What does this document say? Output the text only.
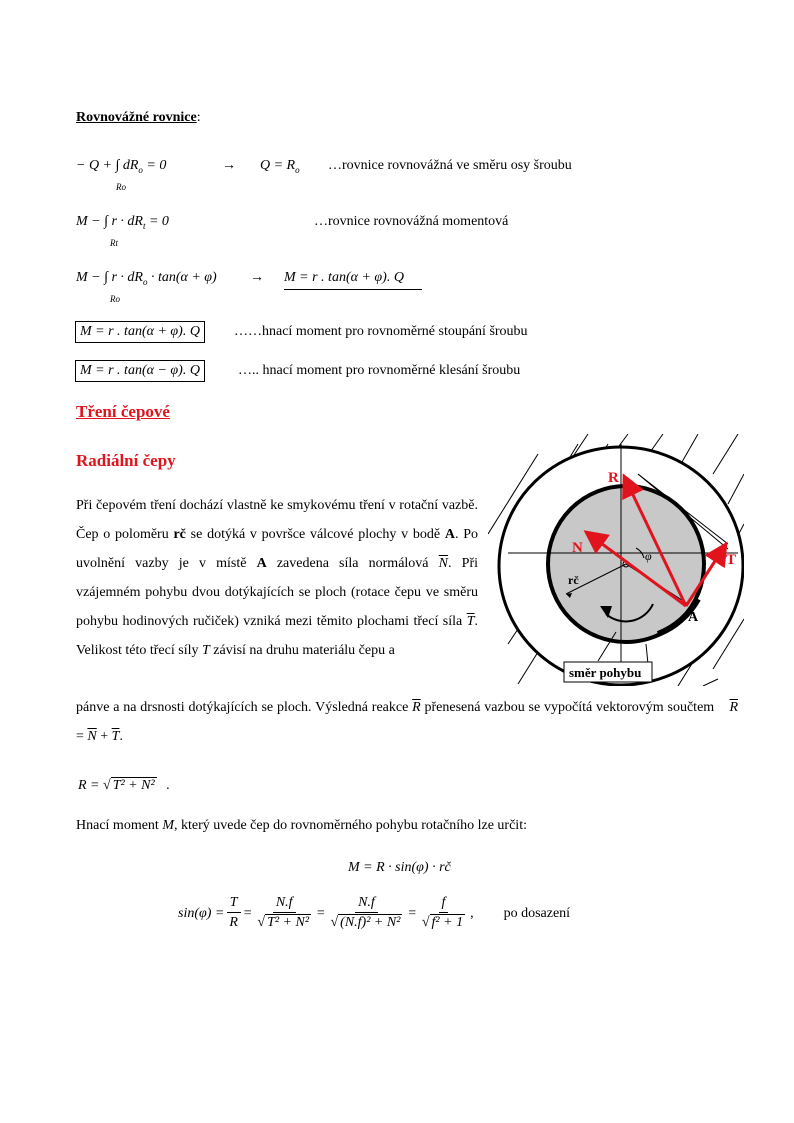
Rovnovážné rovnice:
− Q + ∫ $dR_o = 0$
Ro
→ $Q = R_o$ …rovnice rovnovážná ve směru osy šroubu
M − ∫ $r \cdot dR_t = 0$
Rt
…rovnice rovnovážná momentová
M − ∫ $r \cdot dR_o \cdot \tan(\alpha + \varphi)$
Ro
→ M = r . tan(α + φ). Q
M = r . tan(α + φ). Q	……hnací moment pro rovnoměrné stoupání šroubu
M = r . tan(α − φ). Q	….. hnací moment pro rovnoměrné klesání šroubu
Tření čepové
Radiální čepy
Při čepovém tření dochází vlastně ke smykovému tření v rotační vazbě. Čep o poloměru rč se dotýká v površce válcové plochy v bodě A. Po uvolnění vazby je v místě A zavedena síla normálová $\overline{N}$. Při vzájemném pohybu dvou dotýkajících se ploch (rotace čepu ve směru pohybu hodinových ručiček) vzniká mezi těmito plochami třecí síla $\overline{T}$. Velikost této třecí síly T závisí na druhu materiálu čepu a
pánve a na drsnosti dotýkajících se ploch. Výsledná reakce $\overline{R}$ přenesená vazbou se vypočítá vektorovým součtem $\overline{R} = \overline{N} + \overline{T}$.
R = √ T² + N² .
Hnací moment M, který uvede čep do rovnoměrného pohybu rotačního lze určit:
M = R · sin(φ) · rč
$\sin(\varphi) = \frac{T}{R} = \frac{N.f}{\text{√ T² + N²}} = \frac{N.f}{\text{√ (N.f)² + N²}} = \frac{f}{\text{√ f² + 1}}$ , po dosazení
R
N
T
A
φ
rč
směr pohybu
